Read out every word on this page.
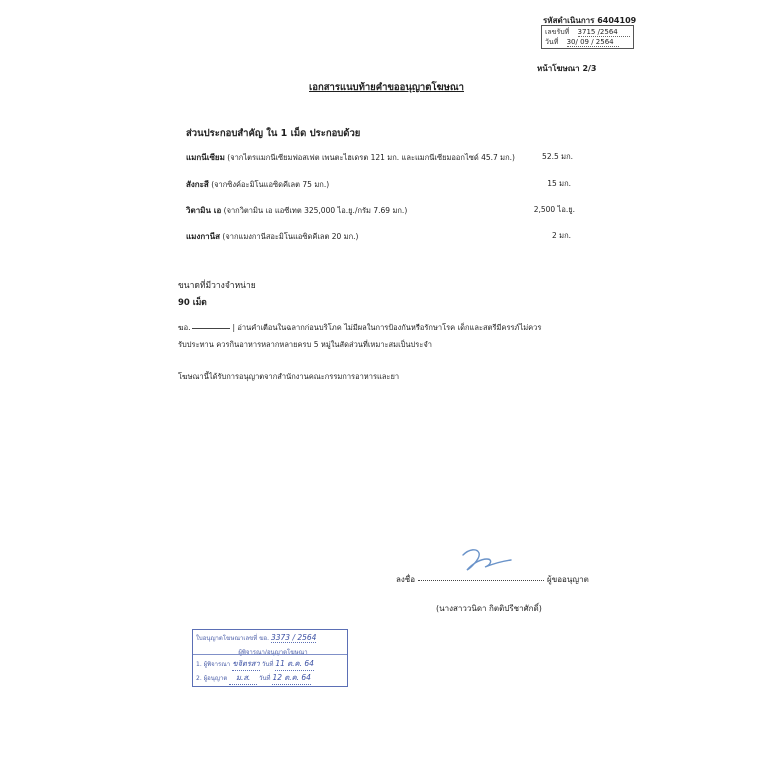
รหัสดำเนินการ 6404109
เลขรับที่ 3715 /2564
วันที่ 30/ 09 / 2564
หน้าโฆษณา 2/3
เอกสารแนบท้ายคำขออนุญาตโฆษณา
ส่วนประกอบสำคัญ ใน 1 เม็ด ประกอบด้วย
แมกนีเซียม (จากไตรแมกนีเซียมฟอสเฟต เพนตะไฮเดรต 121 มก. และแมกนีเซียมออกไซด์ 45.7 มก.)	52.5 มก.
สังกะสี (จากซิงค์อะมิโนแอซิดคีเลต 75 มก.)	15 มก.
วิตามิน เอ (จากวิตามิน เอ แอซีเทต 325,000 ไอ.ยู./กรัม 7.69 มก.)	2,500 ไอ.ยู.
แมงกานีส (จากแมงกานีสอะมิโนแอซิดคีเลต 20 มก.)	2 มก.
ขนาดที่มีวางจำหน่าย
90 เม็ด
ฆอ.	| อ่านคำเตือนในฉลากก่อนบริโภค ไม่มีผลในการป้องกันหรือรักษาโรค เด็กและสตรีมีครรภ์ไม่ควร
รับประทาน ควรกินอาหารหลากหลายครบ 5 หมู่ในสัดส่วนที่เหมาะสมเป็นประจำ
โฆษณานี้ได้รับการอนุญาตจากสำนักงานคณะกรรมการอาหารและยา
ลงชื่อ	ผู้ขออนุญาต
(นางสาววนิดา กิตติปรีชาศักดิ์)
ใบอนุญาตโฆษณาเลขที่ ฆอ. 3373 / 2564
ผู้พิจารณา/อนุญาตโฆษณา
1. ผู้พิจารณา ขจิตรสา วันที่ 11 ต.ค. 64
2. ผู้อนุญาต ม.ส. วันที่ 12 ต.ค. 64
